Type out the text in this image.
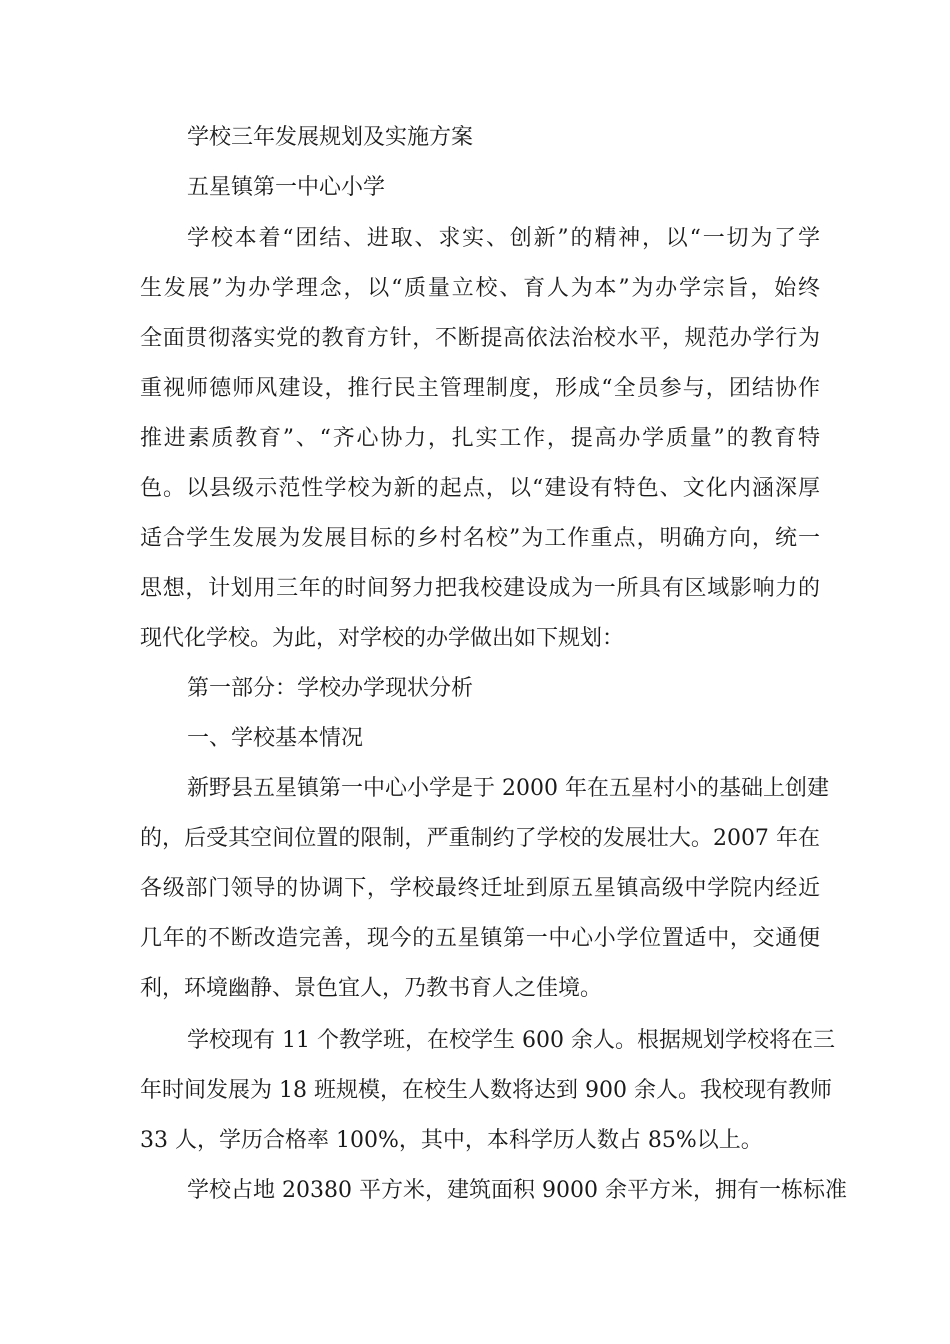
学校三年发展规划及实施方案
五星镇第一中心小学
学校本着“团结、进取、求实、创新”的精神，以“一切为了学
生发展”为办学理念，以“质量立校、育人为本”为办学宗旨，始终
全面贯彻落实党的教育方针，不断提高依法治校水平，规范办学行为
重视师德师风建设，推行民主管理制度，形成“全员参与，团结协作
推进素质教育”、“齐心协力，扎实工作，提高办学质量”的教育特
色。以县级示范性学校为新的起点，以“建设有特色、文化内涵深厚
适合学生发展为发展目标的乡村名校”为工作重点，明确方向，统一
思想，计划用三年的时间努力把我校建设成为一所具有区域影响力的
现代化学校。为此，对学校的办学做出如下规划：
第一部分：学校办学现状分析
一、学校基本情况
新野县五星镇第一中心小学是于 2000 年在五星村小的基础上创建
的，后受其空间位置的限制，严重制约了学校的发展壮大。2007 年在
各级部门领导的协调下，学校最终迁址到原五星镇高级中学院内经近
几年的不断改造完善，现今的五星镇第一中心小学位置适中，交通便
利，环境幽静、景色宜人，乃教书育人之佳境。
学校现有 11 个教学班，在校学生 600 余人。根据规划学校将在三
年时间发展为 18 班规模，在校生人数将达到 900 余人。我校现有教师
33 人，学历合格率 100%，其中，本科学历人数占 85%以上。
学校占地 20380 平方米，建筑面积 9000 余平方米，拥有一栋标准
